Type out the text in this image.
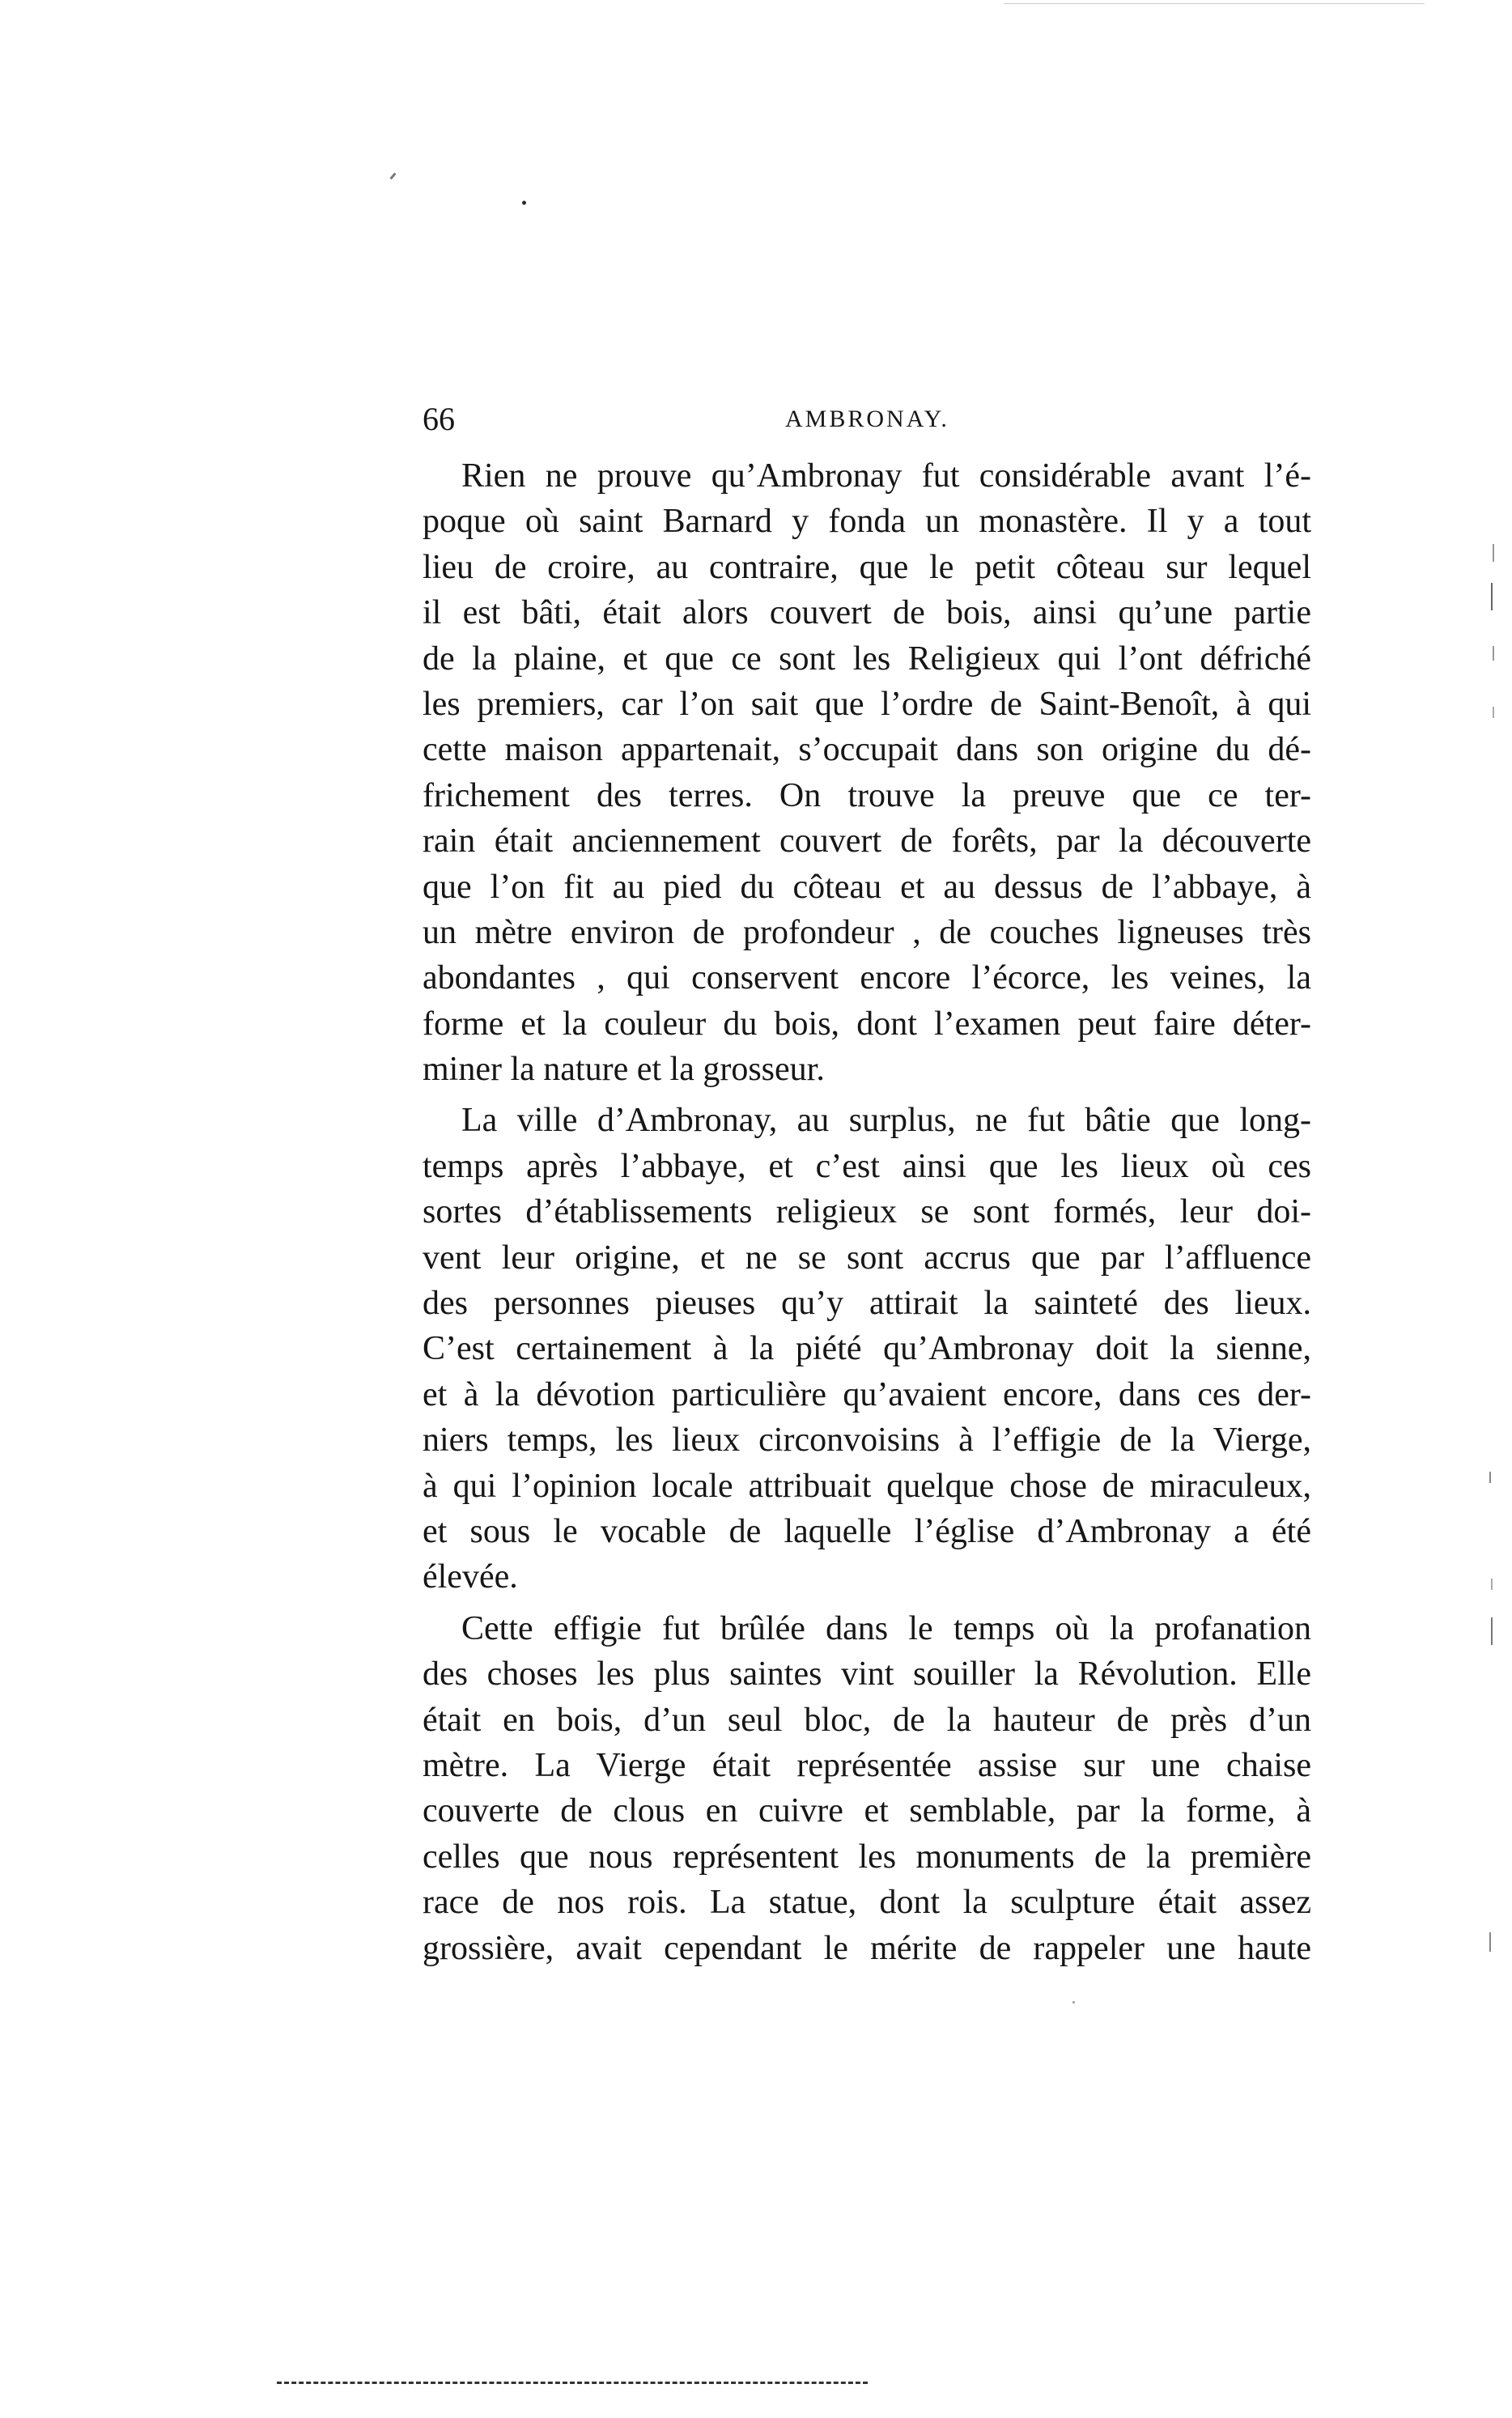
66	AMBRONAY.
Rien ne prouve qu’Ambronay fut considérable avant l’é-
poque où saint Barnard y fonda un monastère. Il y a tout
lieu de croire, au contraire, que le petit côteau sur lequel
il est bâti, était alors couvert de bois, ainsi qu’une partie
de la plaine, et que ce sont les Religieux qui l’ont défriché
les premiers, car l’on sait que l’ordre de Saint-Benoît, à qui
cette maison appartenait, s’occupait dans son origine du dé-
frichement des terres. On trouve la preuve que ce ter-
rain était anciennement couvert de forêts, par la découverte
que l’on fit au pied du côteau et au dessus de l’abbaye, à
un mètre environ de profondeur , de couches ligneuses très
abondantes , qui conservent encore l’écorce, les veines, la
forme et la couleur du bois, dont l’examen peut faire déter-
miner la nature et la grosseur.
La ville d’Ambronay, au surplus, ne fut bâtie que long-
temps après l’abbaye, et c’est ainsi que les lieux où ces
sortes d’établissements religieux se sont formés, leur doi-
vent leur origine, et ne se sont accrus que par l’affluence
des personnes pieuses qu’y attirait la sainteté des lieux.
C’est certainement à la piété qu’Ambronay doit la sienne,
et à la dévotion particulière qu’avaient encore, dans ces der-
niers temps, les lieux circonvoisins à l’effigie de la Vierge,
à qui l’opinion locale attribuait quelque chose de miraculeux,
et sous le vocable de laquelle l’église d’Ambronay a été
élevée.
Cette effigie fut brûlée dans le temps où la profanation
des choses les plus saintes vint souiller la Révolution. Elle
était en bois, d’un seul bloc, de la hauteur de près d’un
mètre. La Vierge était représentée assise sur une chaise
couverte de clous en cuivre et semblable, par la forme, à
celles que nous représentent les monuments de la première
race de nos rois. La statue, dont la sculpture était assez
grossière, avait cependant le mérite de rappeler une haute
